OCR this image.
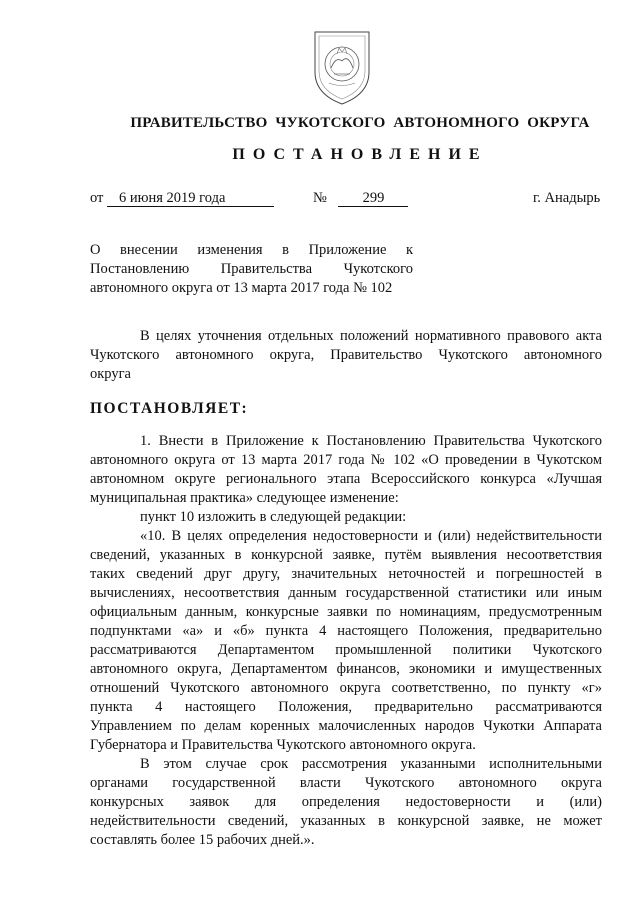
ПРАВИТЕЛЬСТВО ЧУКОТСКОГО АВТОНОМНОГО ОКРУГА
ПОСТАНОВЛЕНИЕ
от 6 июня 2019 года	№ 299	г. Анадырь
О внесении изменения в Приложение к
Постановлению Правительства Чукотского
автономного округа от 13 марта 2017 года № 102
В целях уточнения отдельных положений нормативного правового акта
Чукотского автономного округа, Правительство Чукотского автономного
округа
ПОСТАНОВЛЯЕТ:
1. Внести в Приложение к Постановлению Правительства Чукотского
автономного округа от 13 марта 2017 года № 102 «О проведении в Чукотском
автономном округе регионального этапа Всероссийского конкурса «Лучшая
муниципальная практика» следующее изменение:
пункт 10 изложить в следующей редакции:
«10. В целях определения недостоверности и (или) недействительности
сведений, указанных в конкурсной заявке, путём выявления несоответствия
таких сведений друг другу, значительных неточностей и погрешностей в
вычислениях, несоответствия данным государственной статистики или иным
официальным данным, конкурсные заявки по номинациям, предусмотренным
подпунктами «а» и «б» пункта 4 настоящего Положения, предварительно
рассматриваются Департаментом промышленной политики Чукотского
автономного округа, Департаментом финансов, экономики и имущественных
отношений Чукотского автономного округа соответственно, по пункту «г»
пункта 4 настоящего Положения, предварительно рассматриваются
Управлением по делам коренных малочисленных народов Чукотки Аппарата
Губернатора и Правительства Чукотского автономного округа.
В этом случае срок рассмотрения указанными исполнительными
органами государственной власти Чукотского автономного округа
конкурсных заявок для определения недостоверности и (или)
недействительности сведений, указанных в конкурсной заявке, не может
составлять более 15 рабочих дней.».
